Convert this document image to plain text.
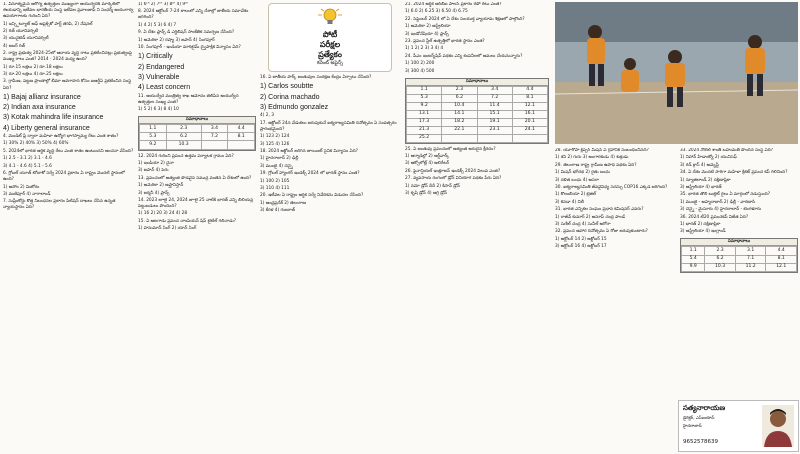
1. వినూత్నమైన ఆరోగ్య ఉత్పత్తుల ముఖ్యంగా ఆయుర్వేదిక్ మార్కెట్‌లో ఈయడాన్ని ఇటీవల భారతీయ సంస్థ ఇటీవల ప్రవాలజాఫ్ ని సంధర్శ్ ఆయుగార్వ ఉపయోగాలకు గురించి ఏది?

1) ఇన్స్టిట్యూట్ ఆఫ్ అప్లెక్సికో పార్ట్ తెరిపి, 2) నేషనల్

2) రిత్ యూనివర్సిటీ

3) యునైటెడ్ యూనివర్సిటీ

4) జబర్ రిత్

2. రాష్ట్ర ప్రభుత్వ 2024-25లో ఆదాయ వృద్ధి రాటు ప్రకటించినట్లు ప్రభుత్వంపై ముఖ్య రాలు ఎంత? 2014 - 2024 మధ్య ఉంది?

1) రూ.15 లక్షలు 2) రూ.18 లక్షలు

3) రూ.20 లక్షలు 4) రూ.25 లక్షలు

3. గ్రామీణ, పట్టణ ప్రాంతాల్లో బీమా అవగాహన కోసం ఐఆర్డీఏ ప్రకటించిన సంస్థ ఏది?

1) Bajaj allianz insurance

2) Indian axa insurance

3) Kotak mahindra life insurance

4) Liberty general insurance

4. మెండిట్ ప్లే ద్వారా మహిళా ఉద్యోగ భాగస్వామ్య రేటు ఎంత శాతం?

1) 30% 2) 40% 3) 50% 4) 60%

5. 2024లో భారత ఆర్థిక వృద్ధి రేటు ఎంత శాతం ఉంటుందని అంచనా వేసింది?

1) 2.5 - 3.1 2) 3.1 - 4.6

3) 4.1 - 4.6 4) 5.1 - 5.6

6. గ్లోబల్ యూత్ టోబాకో సర్వే 2024 ప్రకారం ఏ రాష్ట్రం మొదటి స్థానంలో ఉంది?

1) అసోం 2) మిజోరం

3) మణిపూర్ 4) నాగాలాండ్

7. సుప్రీంకోర్టు కొత్త నిబంధనల ప్రకారం పిటిషన్ దాఖలు చేసిన ఉన్నత న్యాయస్థానం ఏది?

1) 6ᵗʰ 2) 7ᵗʰ 3) 8ᵗʰ 4) 9ᵗʰ

8. 2024 ఆక్టోబర్ 7-24 కాలంలో ఎన్ని దేశాల్లో జాతీయ సమావేశం జరిగింది?

1) 4 2) 5 3) 6 4) 7

9. ఏ దేశం ఫ్రాన్స్ డి ఎగ్జిబిషన్ సాంకేతిక సమర్పణ చేసింది?

1) అమెరికా 2) రష్యా 3) జపాన్ 4) సింగపూర్

10. సింగపూర్ - ఇండియా మారిటైమ్ ద్వైపాక్షిక విన్యాసం ఏది?

1) Critically

2) Endangered

3) Vulnerable

4) Least concern

11. ఆయుర్వేద మంత్రిత్వ శాఖ ఆమోదం తెలిపిన ఆయుర్వేద ఉత్పత్తుల సంఖ్య ఎంత?

1) 5 2) 6 3) 8 4) 10

సమాధానాలు
1.1	2.3	3.4	4.4
5.3	6.2	7.2	8.1
9.2	10.3		

12. 2024 గురించి ప్రపంచ ఉత్తమ పర్యాటక గ్రామం ఏది?

1) ఇండియా 2) చైనా

3) జపాన్ 4) పెరు

13. ప్రపంచంలో అత్యంత పొడవైన సముద్ర వంతెన ఏ దేశంలో ఉంది?

1) అమెరికా 2) అఫ్ఘానిస్తాన్

3) జర్మనీ 4) ఫ్రాన్స్

14. 2023 జూలై 24, 2024 జూలై 25 నాటికి భారత్ ఎన్ని బిలియన్ల పెట్టుబడులు పొందింది?

1) 16 2) 20 3) 24 4) 28

15. ఏ ఆటగాడు ప్రపంచ చాంపియన్ షిప్ టైటిల్ గెలిచాడు?

1) హనుమాన్ సింగ్ 2) యాన్ సింగ్

పోటీ
పరీక్షల
ప్రత్యేకం
కరెంట్ అఫైర్స్

16. ఏ జాతీయ పార్క్ జంతువుల సంరక్షణ కేంద్రం ఏర్పాటు చేసింది?

1) Carlos soubtte

2) Corina machado

3) Edmundo gonzalez

4) 2, 3

17. ఆక్టోబర్ 24న వేడుకలు జరుపుకునే ఐక్యరాజ్యసమితి దినోత్సవం ఏ సంవత్సరం ప్రారంభమైంది?

1) 123 2) 124

3) 125 4) 126

18. 2024 ఆక్టోబర్ జరిగిన జాయింట్ సైనిక విన్యాసం ఏది?

1) హైదరాబాద్ 2) ఢిల్లీ

3) ముంబై 4) చెన్నై

19. గ్లోబల్ హ్యాంగర్ ఇండెక్స్ 2024 లో భారత్ స్థానం ఎంత?

1) 100 2) 105

3) 110 4) 111

20. ఇటీవల ఏ రాష్ట్రం ఆర్థిక సర్వే నివేదికను విడుదల చేసింది?

1) ఆంధ్రప్రదేశ్ 2) తెలంగాణ

3) కేరళ 4) గుజరాత్

21. 2024 ఆర్థిక ఆర్‌బీఐ పాలసీ ప్రకారం రెపో రేటు ఎంత?

1) 6.0 2) 6.25 3) 6.50 4) 6.75

22. సెప్టెంబర్ 2024 లో ఏ దేశం సంయుక్త వ్యాయామ శిక్షణలో పాల్గొంది?

1) అమెరికా 2) ఆస్ట్రేలియా

3) ఇండోనేషియా 4) ఫ్రాన్స్

23. ప్రపంచ స్టీల్ ఉత్పత్తిలో భారత స్థానం ఎంత?

1) 1 2) 2 3) 3 4) 4

24. పీఎం ఇంటర్న్‌షిప్ పథకం ఎన్ని కంపెనీలలో అమలు చేయనున్నారు?

1) 100 2) 200

3) 300 4) 500

సమాధానాలు
1.1	2.3	3.4	4.4
5.3	6.2	7.2	8.1
9.2	10.4	11.4	12.1
13.1	14.1	15.1	16.1
17.3	18.2	19.1	20.1
21.3	22.1	23.1	24.1
25.2			

25. ఏ జంతువు ప్రపంచంలో అత్యంత అరుదైన క్షీరదం?

1) ఆర్మాడిల్లో 2) ఆర్డ్‌వార్క్

3) ఆక్సోలోట్ల్ 4) ఆలిగేటర్

26. ఫైనాన్షియల్ ఇంక్లూజన్ ఇండెక్స్ 2024 విలువ ఎంత?

27. వ్యవసాయ రంగంలో డ్రోన్ వినియోగ పథకం పేరు ఏది?

1) నమో డ్రోన్ దీదీ 2) కిసాన్ డ్రోన్

3) కృషి డ్రోన్ 4) అగ్రి డ్రోన్

28. యూరోపా క్లిప్పర్ మిషన్ ఏ గ్రహానికి సంబంధించినది?

1) శని 2) గురు 3) అంగారకుడు 4) శుక్రుడు

29. తెలంగాణ రాష్ట్ర గ్రామీణ ఉపాధి పథకం ఏది?

1) మిషన్ భగీరథ 2) రైతు బంధు

3) దళిత బంధు 4) ఆసరా

30. ఐక్యరాజ్యసమితి జీవవైవిధ్య సదస్సు COP16 ఎక్కడ జరిగింది?

1) కొలంబియా 2) బ్రెజిల్

3) కెనడా 4) చిలీ

31. భారత ఎన్నికల సంఘం ప్రధాన కమిషనర్ ఎవరు?

1) రాజీవ్ కుమార్ 2) అనూప్ చంద్ర పాండే

3) సుశీల్ చంద్ర 4) సునీల్ అరోరా

32. ప్రపంచ ఆహార దినోత్సవం ఏ రోజు జరుపుకుంటారు?

1) అక్టోబర్ 14 2) అక్టోబర్ 15

3) అక్టోబర్ 16 4) అక్టోబర్ 17

33. 2024 నోబెల్ శాంతి బహుమతి పొందిన సంస్థ ఏది?

1) నిహాన్ హిడాంక్యో 2) యునిసెఫ్

3) రెడ్ క్రాస్ 4) అమ్నెస్టీ

34. ఏ దేశం మొదటి సారిగా మహిళా క్రికెట్ ప్రపంచ కప్ గెలిచింది?

1) న్యూజిలాండ్ 2) దక్షిణాఫ్రికా

3) ఆస్ట్రేలియా 4) భారత్

35. భారత తొలి బుల్లెట్ రైలు ఏ మార్గంలో నడుస్తుంది?

1) ముంబై - అహ్మదాబాద్ 2) ఢిల్లీ - వారణాసి

3) చెన్నై - మైసూరు 4) హైదరాబాద్ - బెంగళూరు

36. 2024 టీ20 ప్రపంచకప్ విజేత ఏది?

1) భారత్ 2) దక్షిణాఫ్రికా

3) ఆస్ట్రేలియా 4) ఇంగ్లాండ్

సమాధానాలు
1.1	2.3	3.1	4.4
5.4	6.2	7.1	8.1
9.9	10.3	11.2	12.1
సత్యనారాయణ
డైరెక్టర్, ఎస్ఐయాస్
హైదరాబాద్
9652578639
